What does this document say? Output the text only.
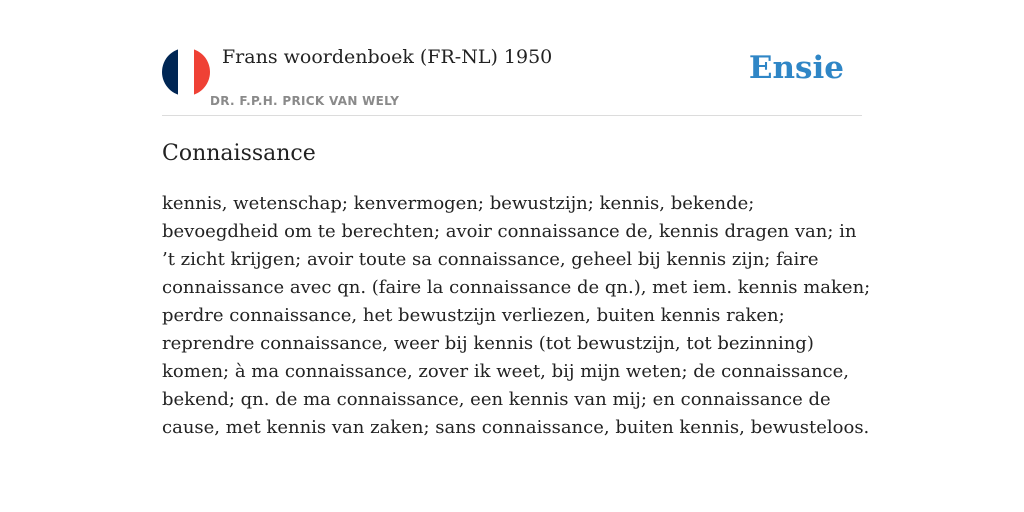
Frans woordenboek (FR-NL) 1950
DR. F.P.H. PRICK VAN WELY
Ensie
Connaissance
kennis, wetenschap; kenvermogen; bewustzijn; kennis, bekende; bevoegdheid om te berechten; avoir connaissance de, kennis dragen van; in ’t zicht krijgen; avoir toute sa connaissance, geheel bij kennis zijn; faire connaissance avec qn. (faire la connaissance de qn.), met iem. kennis maken; perdre connaissance, het bewustzijn verliezen, buiten kennis raken; reprendre connaissance, weer bij kennis (tot bewustzijn, tot bezinning) komen; à ma connaissance, zover ik weet, bij mijn weten; de connaissance, bekend; qn. de ma connaissance, een kennis van mij; en connaissance de cause, met kennis van zaken; sans connaissance, buiten kennis, bewusteloos.
